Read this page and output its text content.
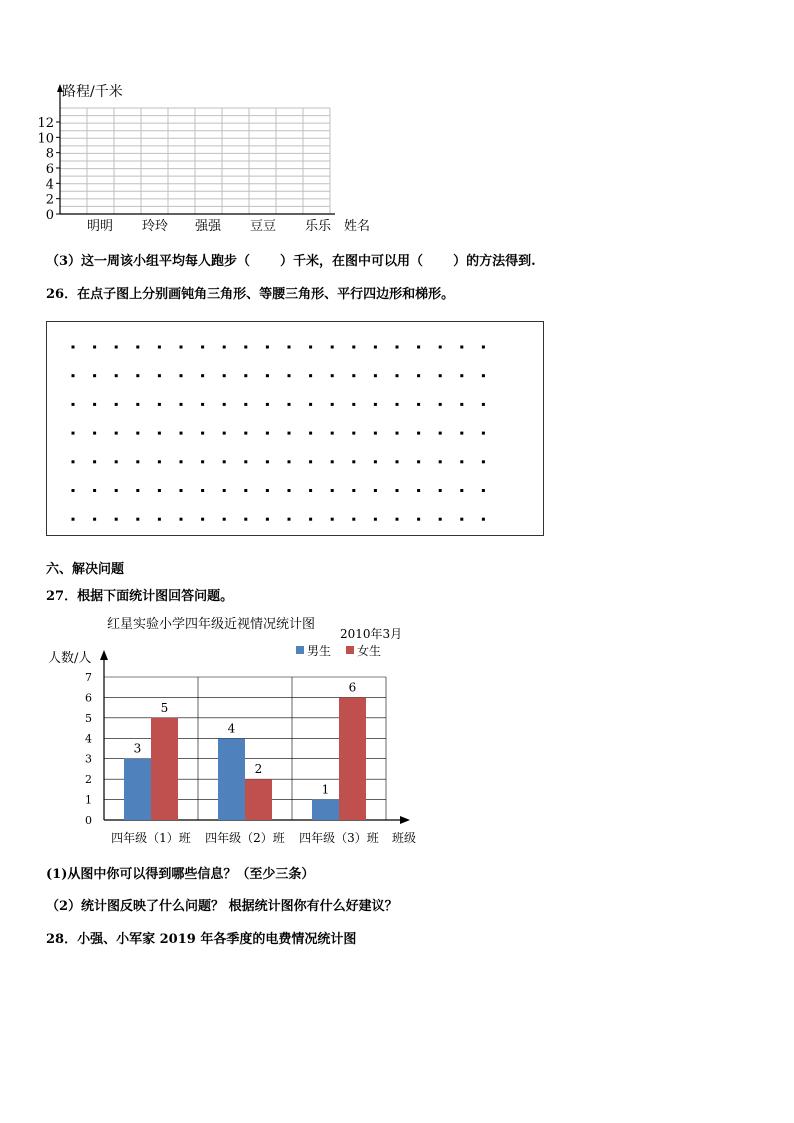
路程/千米
0
2
4
6
8
10
12
明明 玲玲 强强 豆豆 乐乐 姓名
（3）这一周该小组平均每人跑步（ ）千米，在图中可以用（ ）的方法得到.
26．在点子图上分别画钝角三角形、等腰三角形、平行四边形和梯形。
六、解决问题
27．根据下面统计图回答问题。
红星实验小学四年级近视情况统计图
2010年3月
人数/人	男生 女生
0
1
2
3
4
5
6
7
3
5
四年级（1）班
4
2
四年级（2）班
1
6
四年级（3）班 班级
(1)从图中你可以得到哪些信息？（至少三条）
（2）统计图反映了什么问题？ 根据统计图你有什么好建议？
28．小强、小军家 2019 年各季度的电费情况统计图
